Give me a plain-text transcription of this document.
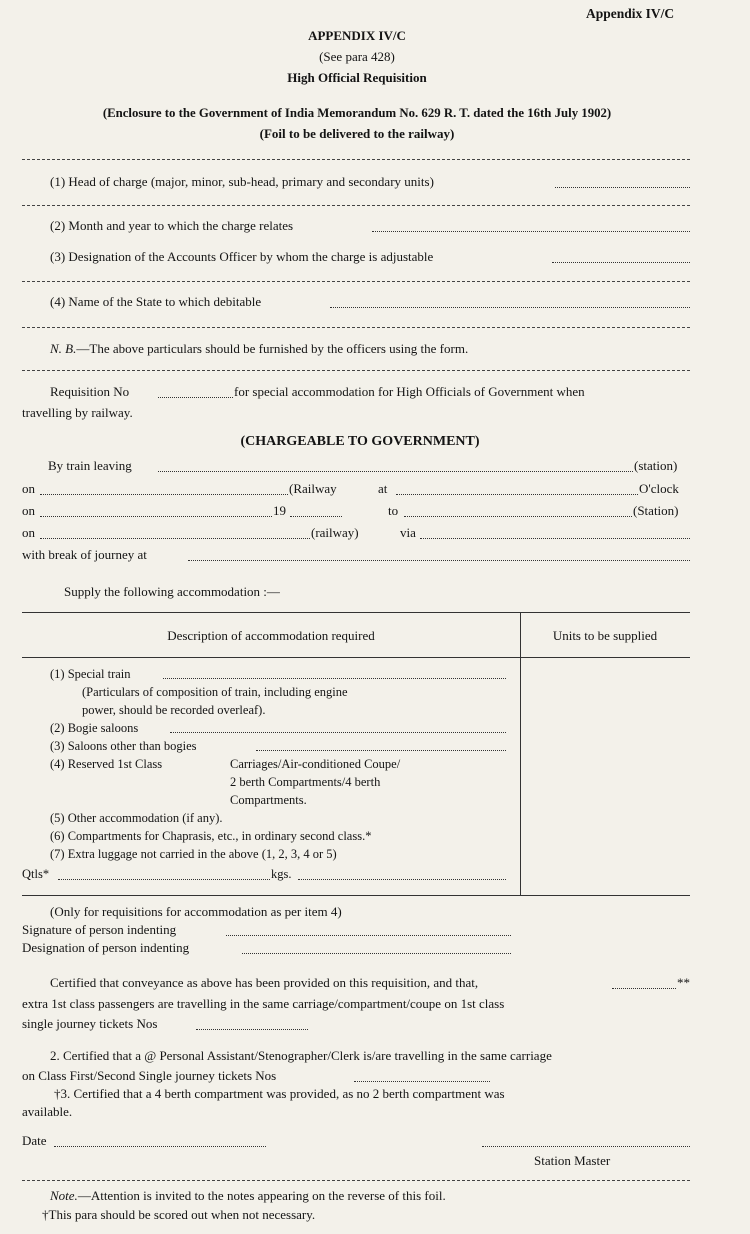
Appendix IV/C
APPENDIX IV/C
(See para 428)
High Official Requisition
(Enclosure to the Government of India Memorandum No. 629 R. T. dated the 16th July 1902)
(Foil to be delivered to the railway)
(1) Head of charge (major, minor, sub-head, primary and secondary units)
(2) Month and year to which the charge relates
(3) Designation of the Accounts Officer by whom the charge is adjustable
(4) Name of the State to which debitable
N. B.—The above particulars should be furnished by the officers using the form.
Requisition No	for special accommodation for High Officials of Government when
travelling by railway.
(CHARGEABLE TO GOVERNMENT)
By train leaving	(station)
on	(Railway	at	O'clock
on	19	to	(Station)
on	(railway)	via
with break of journey at
Supply the following accommodation :—
Description of accommodation required	Units to be supplied
(1) Special train
(Particulars of composition of train, including engine
power, should be recorded overleaf).
(2) Bogie saloons
(3) Saloons other than bogies
(4) Reserved 1st Class	Carriages/Air-conditioned Coupe/
2 berth Compartments/4 berth
Compartments.
(5) Other accommodation (if any).
(6) Compartments for Chaprasis, etc., in ordinary second class.*
(7) Extra luggage not carried in the above (1, 2, 3, 4 or 5)
Qtls*	kgs.
(Only for requisitions for accommodation as per item 4)
Signature of person indenting
Designation of person indenting
Certified that conveyance as above has been provided on this requisition, and that,	**
extra 1st class passengers are travelling in the same carriage/compartment/coupe on 1st class
single journey tickets Nos
2. Certified that a @ Personal Assistant/Stenographer/Clerk is/are travelling in the same carriage
on Class First/Second Single journey tickets Nos
†3. Certified that a 4 berth compartment was provided, as no 2 berth compartment was
available.
Date
Station Master
Note.—Attention is invited to the notes appearing on the reverse of this foil.
†This para should be scored out when not necessary.
